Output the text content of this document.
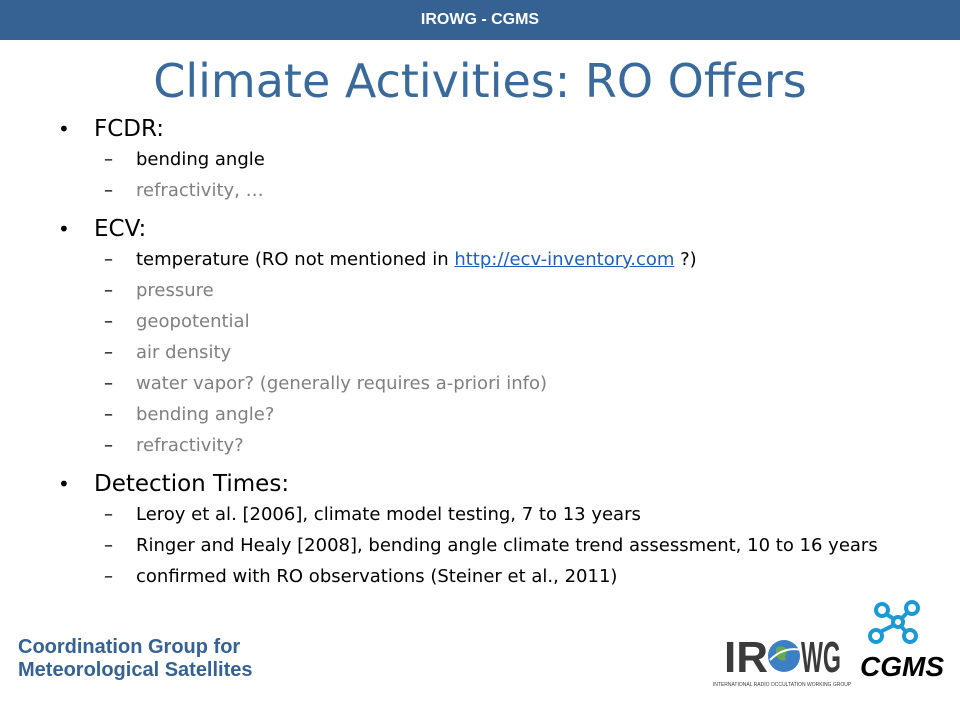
IROWG - CGMS
Climate Activities: RO Offers
• FCDR:
– bending angle
– refractivity, …
• ECV:
– temperature (RO not mentioned in http://ecv-inventory.com ?)
– pressure
– geopotential
– air density
– water vapor? (generally requires a-priori info)
– bending angle?
– refractivity?
• Detection Times:
– Leroy et al. [2006], climate model testing, 7 to 13 years
– Ringer and Healy [2008], bending angle climate trend assessment, 10 to 16 years
– confirmed with RO observations (Steiner et al., 2011)
Coordination Group for
Meteorological Satellites	IR WG
INTERNATIONAL RADIO OCCULTATION WORKING GROUP
CGMS
